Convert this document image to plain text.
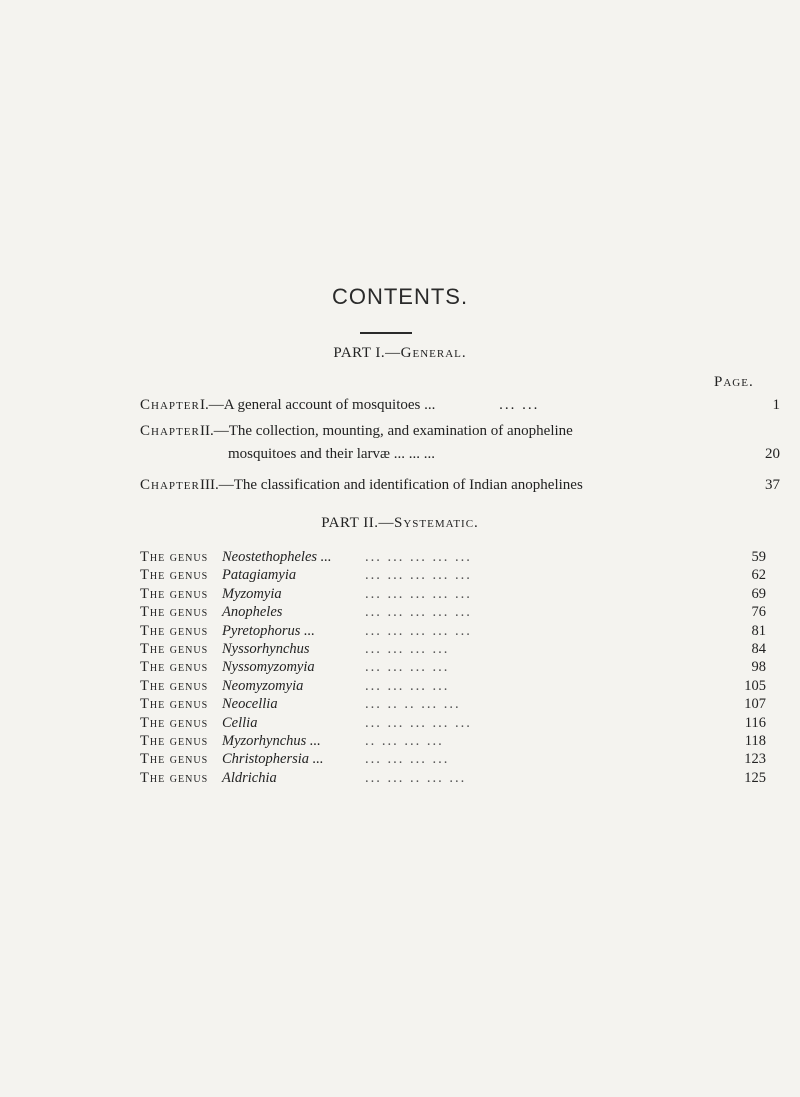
CONTENTS.
PART I.—General.
Page.
Chapter I.—A general account of mosquitoes ...	... ...	1
Chapter II.—The collection, mounting, and examination of anopheline
mosquitoes and their larvæ ... ... ...	20
Chapter III.—The classification and identification of Indian anophelines	37
PART II.—Systematic.
The genus Neostethopheles ... ... ... ... ... ...	59
The genus Patagiamyia	... ... ... ... ...	62
The genus Myzomyia	... ... ... ... ...	69
The genus Anopheles	... ... ... ... ...	76
The genus Pyretophorus ...	... ... ... ... ...	81
The genus Nyssorhynchus	... ... ... ...	84
The genus Nyssomyzomyia	... ... ... ...	98
The genus Neomyzomyia	... ... ... ...	105
The genus Neocellia	... .. .. ... ...	107
The genus Cellia	... ... ... ... ...	116
The genus Myzorhynchus ...	.. ... ... ...	118
The genus Christophersia ...	... ... ... ...	123
The genus Aldrichia	... ... .. ... ...	125
